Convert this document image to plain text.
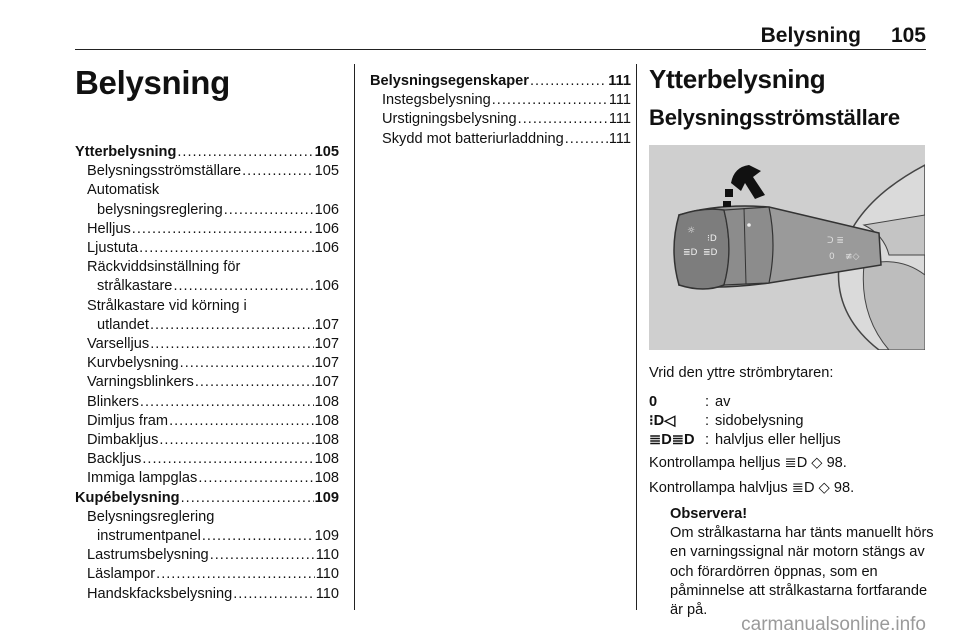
Belysning 105
Belysning
Ytterbelysning .....	105
Belysningsströmställare .....	105
Automatisk
belysningsreglering .....	106
Helljus .....	106
Ljustuta .....	106
Räckviddsinställning för
strålkastare .....	106
Strålkastare vid körning i
utlandet .....	107
Varselljus .....	107
Kurvbelysning .....	107
Varningsblinkers .....	107
Blinkers .....	108
Dimljus fram .....	108
Dimbakljus .....	108
Backljus .....	108
Immiga lampglas .....	108
Kupébelysning .....	109
Belysningsreglering
instrumentpanel .....	109
Lastrumsbelysning .....	110
Läslampor .....	110
Handskfacksbelysning .....	110
Belysningsegenskaper .....	111
Instegsbelysning .....	111
Urstigningsbelysning .....	111
Skydd mot batteriurladdning .....	111
Ytterbelysning
Belysningsströmställare
☼
≣D ≣D
⁝D	ᑐ ≣
0 ≢◇
Vrid den yttre strömbrytaren:
0	: av
⁝D◁	: sidobelysning
≣D≣D : halvljus eller helljus
Kontrollampa helljus ≣D ◇ 98.
Kontrollampa halvljus ≣D ◇ 98.
Observera!
Om strålkastarna har tänts manuellt hörs en varningssignal när motorn stängs av och förardörren öppnas, som en påminnelse att strålkastarna fortfarande är på.
carmanualsonline.info
